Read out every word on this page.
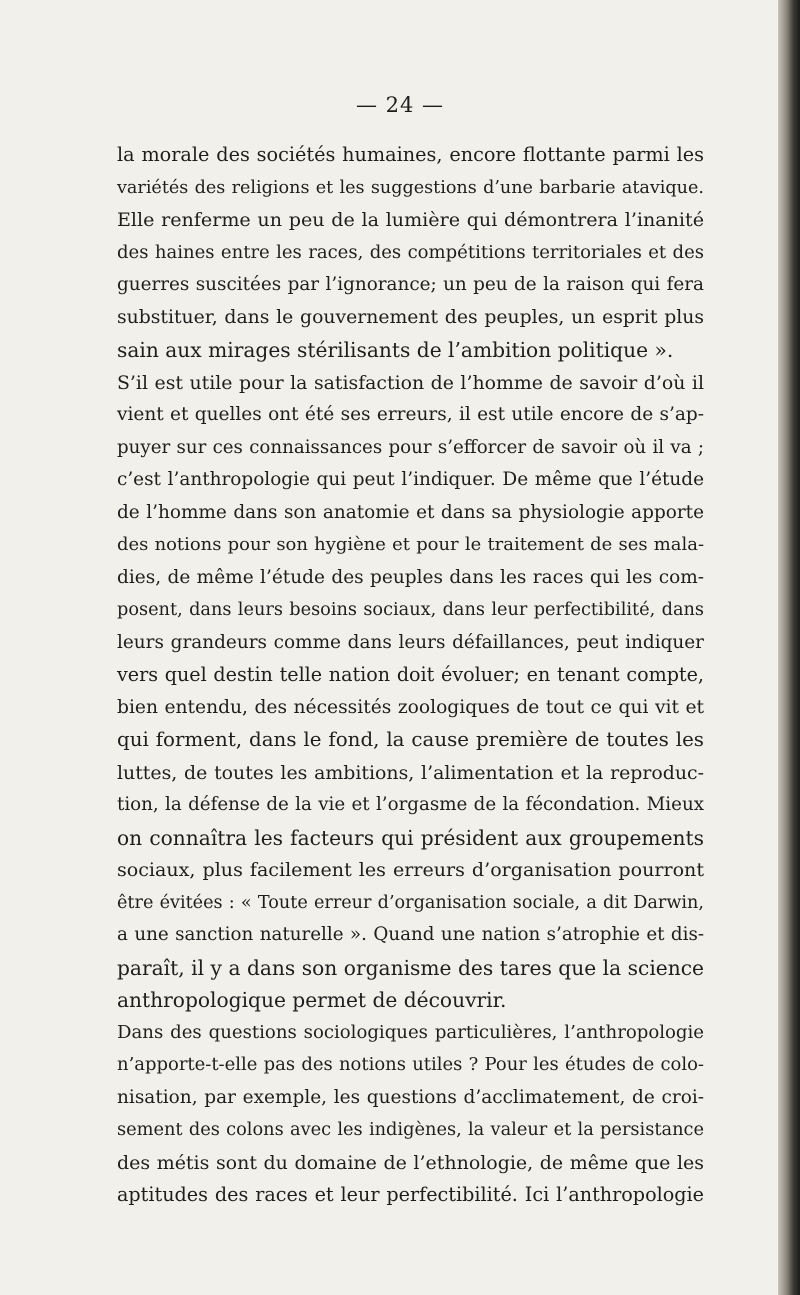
— 24 —
la morale des sociétés humaines, encore flottante parmi les
variétés des religions et les suggestions d’une barbarie atavique.
Elle renferme un peu de la lumière qui démontrera l’inanité
des haines entre les races, des compétitions territoriales et des
guerres suscitées par l’ignorance; un peu de la raison qui fera
substituer, dans le gouvernement des peuples, un esprit plus
sain aux mirages stérilisants de l’ambition politique ».
S’il est utile pour la satisfaction de l’homme de savoir d’où il
vient et quelles ont été ses erreurs, il est utile encore de s’ap-
puyer sur ces connaissances pour s’efforcer de savoir où il va ;
c’est l’anthropologie qui peut l’indiquer. De même que l’étude
de l’homme dans son anatomie et dans sa physiologie apporte
des notions pour son hygiène et pour le traitement de ses mala-
dies, de même l’étude des peuples dans les races qui les com-
posent, dans leurs besoins sociaux, dans leur perfectibilité, dans
leurs grandeurs comme dans leurs défaillances, peut indiquer
vers quel destin telle nation doit évoluer; en tenant compte,
bien entendu, des nécessités zoologiques de tout ce qui vit et
qui forment, dans le fond, la cause première de toutes les
luttes, de toutes les ambitions, l’alimentation et la reproduc-
tion, la défense de la vie et l’orgasme de la fécondation. Mieux
on connaîtra les facteurs qui président aux groupements
sociaux, plus facilement les erreurs d’organisation pourront
être évitées : « Toute erreur d’organisation sociale, a dit Darwin,
a une sanction naturelle ». Quand une nation s’atrophie et dis-
paraît, il y a dans son organisme des tares que la science
anthropologique permet de découvrir.
Dans des questions sociologiques particulières, l’anthropologie
n’apporte-t-elle pas des notions utiles ? Pour les études de colo-
nisation, par exemple, les questions d’acclimatement, de croi-
sement des colons avec les indigènes, la valeur et la persistance
des métis sont du domaine de l’ethnologie, de même que les
aptitudes des races et leur perfectibilité. Ici l’anthropologie
